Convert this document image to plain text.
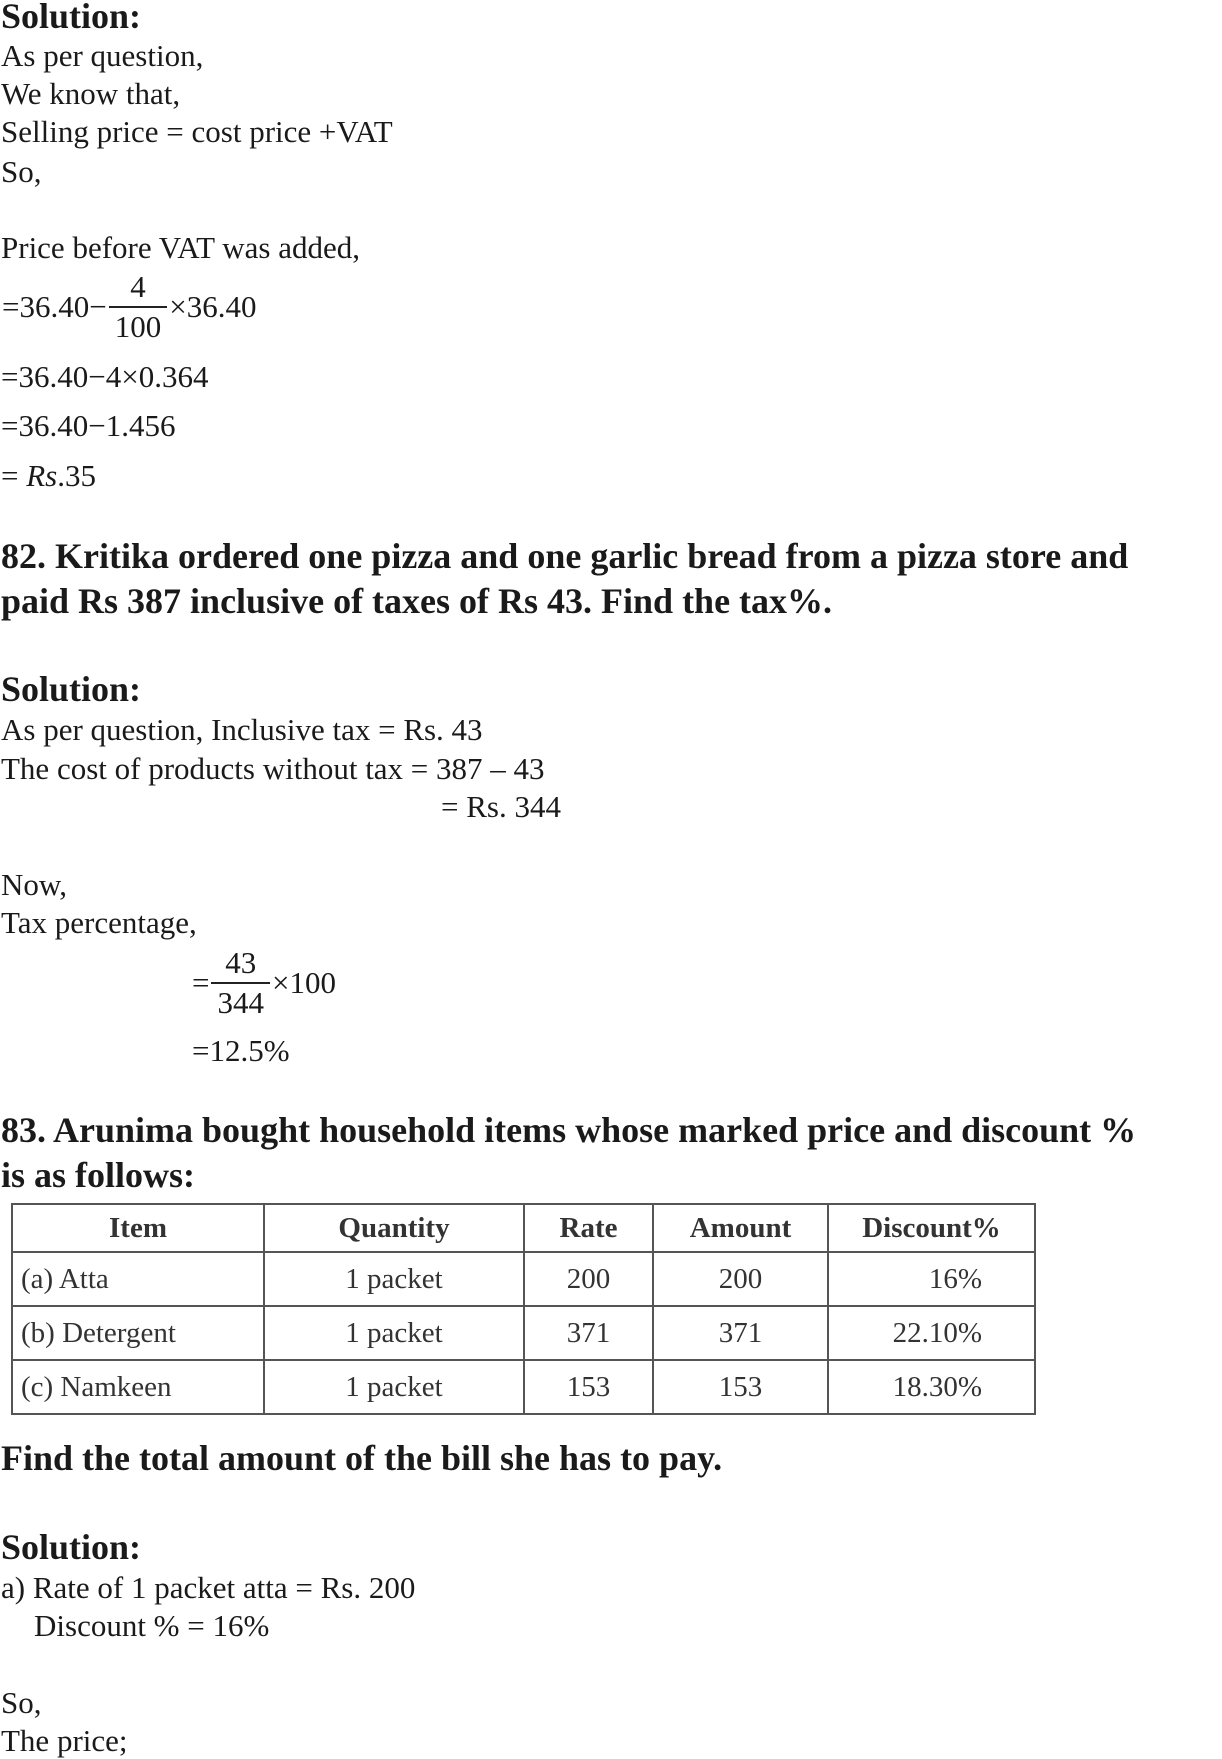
Solution:
As per question,
We know that,
Selling price = cost price +VAT
So,
Price before VAT was added,
$=36.40- \frac{4}{100} \times 36.40$
=36.40−4×0.364
=36.40−1.456
= Rs.35
82. Kritika ordered one pizza and one garlic bread from a pizza store and
paid Rs 387 inclusive of taxes of Rs 43. Find the tax%.
Solution:
As per question, Inclusive tax = Rs. 43
The cost of products without tax = 387 – 43
= Rs. 344
Now,
Tax percentage,
= $\frac{43}{344} \times 100$
=12.5%
83. Arunima bought household items whose marked price and discount %
is as follows:
Item	Quantity	Rate	Amount	Discount%
(a) Atta	1 packet	200	200	16%
(b) Detergent	1 packet	371	371	22.10%
(c) Namkeen	1 packet	153	153	18.30%
Find the total amount of the bill she has to pay.
Solution:
a) Rate of 1 packet atta = Rs. 200
Discount % = 16%
So,
The price;
